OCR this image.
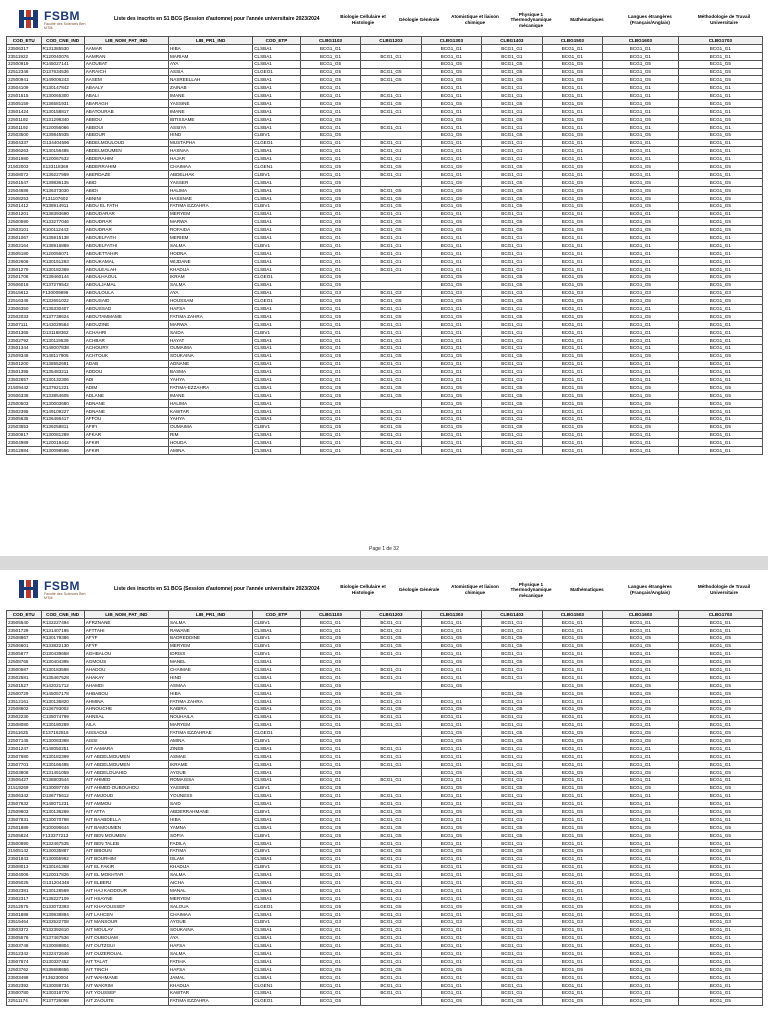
FSBM
Faculté des Sciences Ben M'Sik
Liste des inscrits en S1 BCG (Session d'automne) pour l'année universitaire 2023/2024	Biologie Cellulaire et Histologie
Géologie Générale
Atomistique et liaison chimique
Physique 1 Thermodynamique mécanique
Mathématiques
Langues étrangères (Français/Anglais)
Méthodologie de Travail Universitaire
COD_ETU	COD_CNE_IND	LIB_NOM_PAT_IND	LIB_PR1_IND	COD_ETP	CLBG1103	CLBG1203	CLBG1303	CLBG1403	CLBG1503	CLBG1603	CLBG1703
23506317	R131385530	AAMAR	HIBA	CLSBA1	BCG1_G1		BCG1_G1	BCG1_G1	BCG1_G1	BCG1_G1	BCG1_G1
23511922	R120040076	AAMRAN	MARIAM	CLSBA1	BCG1_G1	BCG1_G1	BCG1_G1	BCG1_G1	BCG1_G1	BCG1_G1	BCG1_G1
22500919	R145027141	AAOUBAT	AYA	CLSBA1	BCG1_G5		BCG1_G5	BCG1_G5	BCG1_G5	BCG1_G5	BCG1_G5
22512346	D137634536	AARAICH	ASSIA	CLGEO1	BCG1_G5	BCG1_G5	BCG1_G5	BCG1_G5	BCG1_G5	BCG1_G5	BCG1_G5
22500941	R149006243	AASEM	NASREELLAH	CLSBA1	BCG1_G5	BCG1_G5	BCG1_G5	BCG1_G5	BCG1_G5	BCG1_G5	BCG1_G5
23504109	R130147842	ABAALY	ZAINAB	CLSBA1	BCG1_G1		BCG1_G1	BCG1_G1	BCG1_G1	BCG1_G1	BCG1_G1
22501515	R130065300	ABALI	IMANE	CLSBA1	BCG1_G1	BCG1_G1	BCG1_G1	BCG1_G1	BCG1_G1	BCG1_G1	BCG1_G1
23505159	R136581931	ABARAGH	YASSINE	CLSBA1	BCG1_G5	BCG1_G5	BCG1_G5	BCG1_G5	BCG1_G5	BCG1_G5	BCG1_G5
23501424	R130158817	ABATOURAB	IMANE	CLSBA1	BCG1_G1	BCG1_G1	BCG1_G1	BCG1_G1	BCG1_G1	BCG1_G1	BCG1_G1
22501192	R131298340	ABBOU	IBTISSAME	CLSBA1	BCG1_G5		BCG1_G5	BCG1_G5	BCG1_G5	BCG1_G5	BCG1_G5
23501192	R120056066	ABBOUI	ASSIYA	CLSBA1	BCG1_G1	BCG1_G1	BCG1_G1	BCG1_G1	BCG1_G1	BCG1_G1	BCG1_G1
22503500	R139845935	ABBOUR	HIND	CLBIV1	BCG1_G5		BCG1_G5	BCG1_G5	BCG1_G5	BCG1_G5	BCG1_G5
23504337	G134404596	ABDELMOULOUD	MUSTAPHA	CLGEO1	BCG1_G1	BCG1_G1	BCG1_G1	BCG1_G1	BCG1_G1	BCG1_G1	BCG1_G1
23506263	R130156485	ABDELMOUMEN	HASNAA	CLSBA1	BCG1_G1	BCG1_G1	BCG1_G1	BCG1_G1	BCG1_G1	BCG1_G1	BCG1_G1
23501980	R120067532	ABDERAHIM	HAJAR	CLSBA1	BCG1_G1	BCG1_G1	BCG1_G1	BCG1_G1	BCG1_G1	BCG1_G1	BCG1_G1
21502003	S133118369	ABDERRAHIM	CHAIMAA	CLGEN1	BCG1_G5	BCG1_G5	BCG1_G5	BCG1_G5	BCG1_G5	BCG1_G5	BCG1_G5
23508072	R139227959	ABERDAZE	ABDELHAK	CLBIV1	BCG1_G1	BCG1_G1	BCG1_G1	BCG1_G1	BCG1_G1	BCG1_G1	BCG1_G1
22501547	R139836135	ABID	YASSER	CLSBA1	BCG1_G5		BCG1_G5	BCG1_G5	BCG1_G5	BCG1_G5	BCG1_G5
22504686	R136373030	ABIDI	HALIMA	CLSBA1	BCG1_G5	BCG1_G5	BCG1_G5	BCG1_G5	BCG1_G5	BCG1_G5	BCG1_G5
22508253	F131107602	ABNINI	HASSNAE	CLSBA1	BCG1_G5	BCG1_G5	BCG1_G5	BCG1_G5	BCG1_G5	BCG1_G5	BCG1_G5
22501412	R138914911	ABOU EL FATH	FATIMA EZZAHRA	CLBIV1	BCG1_G5	BCG1_G5	BCG1_G5	BCG1_G5	BCG1_G5	BCG1_G5	BCG1_G5
23501201	R138393690	ABOUDARAR	MERYEM	CLSBA1	BCG1_G1	BCG1_G1	BCG1_G1	BCG1_G1	BCG1_G1	BCG1_G1	BCG1_G1
22500590	R133277046	ABOUDRAR	MARWA	CLSBA1	BCG1_G5	BCG1_G5	BCG1_G5	BCG1_G5	BCG1_G5	BCG1_G5	BCG1_G5
22503101	R100112443	ABOUDRAR	ROFAIDA	CLSBA1	BCG1_G5	BCG1_G5	BCG1_G5	BCG1_G5	BCG1_G5	BCG1_G5	BCG1_G5
23501067	R135915138	ABOUELFATH	MERIEM	CLSBA1	BCG1_G1	BCG1_G1	BCG1_G1	BCG1_G1	BCG1_G1	BCG1_G1	BCG1_G1
23502164	R138916889	ABOUELFATHI	SALMA	CLBIV1	BCG1_G1	BCG1_G1	BCG1_G1	BCG1_G1	BCG1_G1	BCG1_G1	BCG1_G1
23505180	R120056071	ABOUETTAHIR	HODNA	CLSBA1	BCG1_G1	BCG1_G1	BCG1_G1	BCG1_G1	BCG1_G1	BCG1_G1	BCG1_G1
23502606	R130151293	ABOUKAMAL	WIJDANE	CLSBA1	BCG1_G1	BCG1_G1	BCG1_G1	BCG1_G1	BCG1_G1	BCG1_G1	BCG1_G1
23501279	R130182369	ABOULEALAH	KHADIJA	CLSBA1	BCG1_G1	BCG1_G1	BCG1_G1	BCG1_G1	BCG1_G1	BCG1_G1	BCG1_G1
22501706	R139460144	ABOULHAOUL	IKRAM	CLGEO1	BCG1_G5		BCG1_G5	BCG1_G5	BCG1_G5	BCG1_G5	BCG1_G5
20506016	R137279542	ABOULJAMAL	SALMA	CLSBA1	BCG1_G5		BCG1_G5	BCG1_G5	BCG1_G5	BCG1_G5	BCG1_G5
23515612	F130009899	ABOULOULA	AYA	CLSBA1	BCG1_G3	BCG1_G3	BCG1_G3	BCG1_G3	BCG1_G3	BCG1_G3	BCG1_G3
22516346	R132651022	ABOUSAID	HOUSSAM	CLGEO1	BCG1_G5	BCG1_G5	BCG1_G5	BCG1_G5	BCG1_G5	BCG1_G5	BCG1_G5
23506350	R135330407	ABOUSSAD	HAFSA	CLSBA1	BCG1_G1	BCG1_G1	BCG1_G1	BCG1_G1	BCG1_G1	BCG1_G1	BCG1_G1
22502033	R137738624	ABOUTAMMAME	FATIMA ZAHRA	CLSBA1	BCG1_G5	BCG1_G5	BCG1_G5	BCG1_G5	BCG1_G5	BCG1_G5	BCG1_G5
23507111	R143029564	ABOUZINE	MARWA	CLSBA1	BCG1_G1	BCG1_G1	BCG1_G1	BCG1_G1	BCG1_G1	BCG1_G1	BCG1_G1
23501365	D131168362	ACHAHRI	SAIDA	CLBIV1	BCG1_G1	BCG1_G1	BCG1_G1	BCG1_G1	BCG1_G1	BCG1_G1	BCG1_G1
23502792	R130119539	ACHBAR	HAYAT	CLSBA1	BCG1_G1	BCG1_G1	BCG1_G1	BCG1_G1	BCG1_G1	BCG1_G1	BCG1_G1
23501344	R148007838	ACHOURY	OUMAIMA	CLSBA1	BCG1_G1	BCG1_G1	BCG1_G1	BCG1_G1	BCG1_G1	BCG1_G1	BCG1_G1
22509348	R148117905	ACHTOUK	SOUKAINA	CLSBA1	BCG1_G5	BCG1_G5	BCG1_G5	BCG1_G5	BCG1_G5	BCG1_G5	BCG1_G5
23501200	R138552691	ADAB	ADNANE	CLSBA1	BCG1_G1	BCG1_G1	BCG1_G1	BCG1_G1	BCG1_G1	BCG1_G1	BCG1_G1
23501395	R135483211	ADDOU	BASMA	CLSBA1	BCG1_G1	BCG1_G1	BCG1_G1	BCG1_G1	BCG1_G1	BCG1_G1	BCG1_G1
23502657	R130132306	ADI	YAHYA	CLSBA1	BCG1_G1	BCG1_G1	BCG1_G1	BCG1_G1	BCG1_G1	BCG1_G1	BCG1_G1
21509442	R137921221	ADIM	FATIMA-EZZAHRA	CLSBA1	BCG1_G5	BCG1_G5	BCG1_G5	BCG1_G5	BCG1_G5	BCG1_G5	BCG1_G5
20506338	R133854605	ADLANE	IMANE	CLSBA1	BCG1_G5	BCG1_G5	BCG1_G5	BCG1_G5	BCG1_G5	BCG1_G5	BCG1_G5
22500503	R130003680	ADNANE	HALIMA	CLSBA1	BCG1_G5		BCG1_G5	BCG1_G5	BCG1_G5	BCG1_G5	BCG1_G5
23502395	R149109227	ADNANE	KAWTAR	CLSBA1	BCG1_G1	BCG1_G1	BCG1_G1	BCG1_G1	BCG1_G1	BCG1_G1	BCG1_G1
23505635	R136486417	AFFOU	YAHYA	CLSBA1	BCG1_G1	BCG1_G1	BCG1_G1	BCG1_G1	BCG1_G1	BCG1_G1	BCG1_G1
22503553	R139258811	AFIFI	OUMAIMA	CLBIV1	BCG1_G5	BCG1_G5	BCG1_G5	BCG1_G5	BCG1_G5	BCG1_G5	BCG1_G5
23500917	R130081289	AFKAR	RIM	CLSBA1	BCG1_G1	BCG1_G1	BCG1_G1	BCG1_G1	BCG1_G1	BCG1_G1	BCG1_G1
23504989	R120018442	AFKIR	HOUDA	CLSBA1	BCG1_G1	BCG1_G1	BCG1_G1	BCG1_G1	BCG1_G1	BCG1_G1	BCG1_G1
23512984	R130098556	AFKIR	AMINA	CLSBA1	BCG1_G1	BCG1_G1	BCG1_G1	BCG1_G1	BCG1_G1	BCG1_G1	BCG1_G1
Page 1 de 32
FSBM
Faculté des Sciences Ben M'Sik
Liste des inscrits en S1 BCG (Session d'automne) pour l'année universitaire 2023/2024	Biologie Cellulaire et Histologie
Géologie Générale
Atomistique et liaison chimique
Physique 1 Thermodynamique mécanique
Mathématiques
Langues étrangères (Français/Anglais)
Méthodologie de Travail Universitaire
COD_ETU	COD_CNE_IND	LIB_NOM_PAT_IND	LIB_PR1_IND	COD_ETP	CLBG1103	CLBG1203	CLBG1303	CLBG1403	CLBG1503	CLBG1603	CLBG1703
23505540	R132227494	AFRZNANE	SALMA	CLBIV1	BCG1_G1	BCG1_G1	BCG1_G1	BCG1_G1	BCG1_G1	BCG1_G1	BCG1_G1
23501729	R131407195	AFTTAHI	RAWANE	CLSBA1	BCG1_G1	BCG1_G1	BCG1_G1	BCG1_G1	BCG1_G1	BCG1_G1	BCG1_G1
22508867	R130179386	AFYF	BADREDDINE	CLBIV1	BCG1_G5	BCG1_G5	BCG1_G5	BCG1_G5	BCG1_G5	BCG1_G5	BCG1_G5
22506601	R133822130	AFYF	MERYEM	CLBIV1	BCG1_G5	BCG1_G5	BCG1_G5	BCG1_G5	BCG1_G5	BCG1_G5	BCG1_G5
23505677	D130439658	AGHBALOU	IDRISS	CLBIV1	BCG1_G1	BCG1_G1	BCG1_G1	BCG1_G1	BCG1_G1	BCG1_G1	BCG1_G1
22508765	R130404395	AGMOUS	MANEL	CLSBA1	BCG1_G5		BCG1_G5	BCG1_G5	BCG1_G5	BCG1_G5	BCG1_G5
23500587	R130183598	AHADOU	CHAIMAE	CLSBA1	BCG1_G1	BCG1_G1	BCG1_G1	BCG1_G1	BCG1_G1	BCG1_G1	BCG1_G1
23502581	R135467528	AHAKAY	HIND	CLSBA1	BCG1_G1	BCG1_G1	BCG1_G1	BCG1_G1	BCG1_G1	BCG1_G1	BCG1_G1
22501527	R142021712	AHAMDI	ASMAA	CLSBA1	BCG1_G5		BCG1_G5		BCG1_G5	BCG1_G5	BCG1_G5
22500729	R145057178	AHBABOU	HIBA	CLSBA1	BCG1_G5	BCG1_G5		BCG1_G5	BCG1_G5	BCG1_G5	BCG1_G5
23512161	R130136820	AHMINA	FATIMA ZAHRA	CLSBA1	BCG1_G1	BCG1_G1	BCG1_G1	BCG1_G1	BCG1_G1	BCG1_G1	BCG1_G1
22508602	D136793002	AHNOUCHE	KABIRA	CLSBA1	BCG1_G5	BCG1_G5	BCG1_G5	BCG1_G5	BCG1_G5	BCG1_G5	BCG1_G5
23502230	C135074799	AHNSAL	NOUHAILA	CLSBA1	BCG1_G1	BCG1_G1	BCG1_G1	BCG1_G1	BCG1_G1	BCG1_G1	BCG1_G1
23508080	R130180289	AILA	MARYEM	CLSBA1	BCG1_G1	BCG1_G1	BCG1_G1	BCG1_G1	BCG1_G1	BCG1_G1	BCG1_G1
22511625	E137162816	AISSAOUI	FATIMA EZZAHRAE	CLGEO1	BCG1_G5		BCG1_G5	BCG1_G5	BCG1_G5	BCG1_G5	BCG1_G5
22507145	R130083368	AISSI	AMINA	CLBIV1	BCG1_G5		BCG1_G5	BCG1_G5	BCG1_G5	BCG1_G5	BCG1_G5
23501247	R148050251	AIT AAMARA	ZINEB	CLSBA1	BCG1_G1	BCG1_G1	BCG1_G1	BCG1_G1	BCG1_G1	BCG1_G1	BCG1_G1
23507680	R130182399	AIT ABDELMOUMEN	ASMAE	CLSBA1	BCG1_G1	BCG1_G1	BCG1_G1	BCG1_G1	BCG1_G1	BCG1_G1	BCG1_G1
23507701	R130166495	AIT ABDELMOUMEN	IKRAME	CLSBA1	BCG1_G1	BCG1_G1	BCG1_G1	BCG1_G1	BCG1_G1	BCG1_G1	BCG1_G1
22503808	R131451059	AIT ABDELOUAHID	AYOUB	CLSBA1	BCG1_G5		BCG1_G5	BCG1_G5	BCG1_G5	BCG1_G5	BCG1_G5
23506427	R138803544	AIT AHMED	ROMAISSA	CLSBA1	BCG1_G1	BCG1_G1	BCG1_G1	BCG1_G1	BCG1_G1	BCG1_G1	BCG1_G1
21519269	R130097749	AIT AHMED OUBOUHOU	YASSINE	CLBIV1	BCG1_G5		BCG1_G5	BCG1_G5	BCG1_G5	BCG1_G5	BCG1_G5
23506342	D136775612	AIT AMJOUD	YOUNESS	CLSBA1	BCG1_G1	BCG1_G1	BCG1_G1	BCG1_G1	BCG1_G1	BCG1_G1	BCG1_G1
23507632	R148071231	AIT AMMOU	SAID	CLSBA1	BCG1_G1	BCG1_G1	BCG1_G1	BCG1_G1	BCG1_G1	BCG1_G1	BCG1_G1
22509603	R130136269	AIT ATTA	ABDERRAHMANE	CLBIV1	BCG1_G5	BCG1_G5	BCG1_G5	BCG1_G5	BCG1_G5	BCG1_G5	BCG1_G5
23507831	R130070798	AIT BAABDELLA	HIBA	CLSBA1	BCG1_G1	BCG1_G1	BCG1_G1	BCG1_G1	BCG1_G1	BCG1_G1	BCG1_G1
22501889	R100096644	AIT BAMOUMEN	YAMNA	CLSBA1	BCG1_G5	BCG1_G5	BCG1_G5	BCG1_G5	BCG1_G5	BCG1_G5	BCG1_G5
22505824	F133377213	AIT BEN MOUMEN	SOFIA	CLBIV1	BCG1_G5	BCG1_G5	BCG1_G5	BCG1_G5	BCG1_G5	BCG1_G5	BCG1_G5
23500890	R132467535	AIT BEN TALEB	FADILA	CLSBA1	BCG1_G1	BCG1_G1	BCG1_G1	BCG1_G1	BCG1_G1	BCG1_G1	BCG1_G1
21505142	R130035887	AIT BIBOUN	FATIMA	CLBIV1	BCG1_G5	BCG1_G5	BCG1_G5	BCG1_G5	BCG1_G5	BCG1_G5	BCG1_G5
23501843	R130055992	AIT BOURHIM	ISLAM	CLSBA1	BCG1_G1	BCG1_G1	BCG1_G1	BCG1_G1	BCG1_G1	BCG1_G1	BCG1_G1
23508013	R130161368	AIT EL FAKIR	KHADIJA	CLBIV1	BCG1_G1	BCG1_G1	BCG1_G1	BCG1_G1	BCG1_G1	BCG1_G1	BCG1_G1
23504006	R120017826	AIT EL MOKHTAR	SALMA	CLSBA1	BCG1_G1	BCG1_G1	BCG1_G1	BCG1_G1	BCG1_G1	BCG1_G1	BCG1_G1
23505025	G131204348	AIT ELBERJ	AICHA	CLSBA1	BCG1_G1	BCG1_G1	BCG1_G1	BCG1_G1	BCG1_G1	BCG1_G1	BCG1_G1
23502381	R130128569	AIT HAJ KADDOUR	MANAL	CLSBA1	BCG1_G1	BCG1_G1	BCG1_G1	BCG1_G1	BCG1_G1	BCG1_G1	BCG1_G1
23502317	R138227109	AIT HSAYNE	MERYEM	CLSBA1	BCG1_G1	BCG1_G1	BCG1_G1	BCG1_G1	BCG1_G1	BCG1_G1	BCG1_G1
22512575	D133073393	AIT KHAYOUSSEF	SALOUA	CLGEO1	BCG1_G5	BCG1_G5	BCG1_G5	BCG1_G5	BCG1_G5	BCG1_G5	BCG1_G5
23501888	R139838894	AIT LAHCEN	CHAIMAA	CLSBA1	BCG1_G1	BCG1_G1	BCG1_G1	BCG1_G1	BCG1_G1	BCG1_G1	BCG1_G1
23515464	R132522708	AIT MANSOUR	AYOUB	CLBIV1	BCG1_G3	BCG1_G3	BCG1_G3	BCG1_G3	BCG1_G3	BCG1_G3	BCG1_G3
23503372	R132392610	AIT MOULAY	SOUKAINA	CLSBA1	BCG1_G1	BCG1_G1	BCG1_G1	BCG1_G1	BCG1_G1	BCG1_G1	BCG1_G1
23505576	R137467536	AIT OUBOUAM	AYA	CLSBA1	BCG1_G1	BCG1_G1	BCG1_G1	BCG1_G1	BCG1_G1	BCG1_G1	BCG1_G1
23503748	R130088804	AIT OUTZGUI	HAFSA	CLSBA1	BCG1_G1	BCG1_G1	BCG1_G1	BCG1_G1	BCG1_G1	BCG1_G1	BCG1_G1
23512342	R132472646	AIT OUZEROUAL	SALMA	CLSBA1	BCG1_G1	BCG1_G1	BCG1_G1	BCG1_G1	BCG1_G1	BCG1_G1	BCG1_G1
23507674	D130337452	AIT TALAT	FATIHA	CLSBA1	BCG1_G1	BCG1_G1	BCG1_G1	BCG1_G1	BCG1_G1	BCG1_G1	BCG1_G1
22503762	R135688656	AIT TINCH	HAFSA	CLSBA1	BCG1_G5	BCG1_G5	BCG1_G5	BCG1_G5	BCG1_G5	BCG1_G5	BCG1_G5
23503498	F136230004	AIT WAHMANE	JAMAL	CLSBA1	BCG1_G1	BCG1_G1	BCG1_G1	BCG1_G1	BCG1_G1	BCG1_G1	BCG1_G1
23502392	R130088734	AIT WAKRIM	KHADIJA	CLGEN1	BCG1_G1	BCG1_G1	BCG1_G1	BCG1_G1	BCG1_G1	BCG1_G1	BCG1_G1
23500780	R130318770	AIT YOUSSEF	KAWTAR	CLSBA1	BCG1_G1	BCG1_G1	BCG1_G1	BCG1_G1	BCG1_G1	BCG1_G1	BCG1_G1
22511174	R137726068	AIT ZAOUITE	FATIMA EZZAHRA	CLGEO1	BCG1_G5		BCG1_G5	BCG1_G5	BCG1_G5	BCG1_G5	BCG1_G5
